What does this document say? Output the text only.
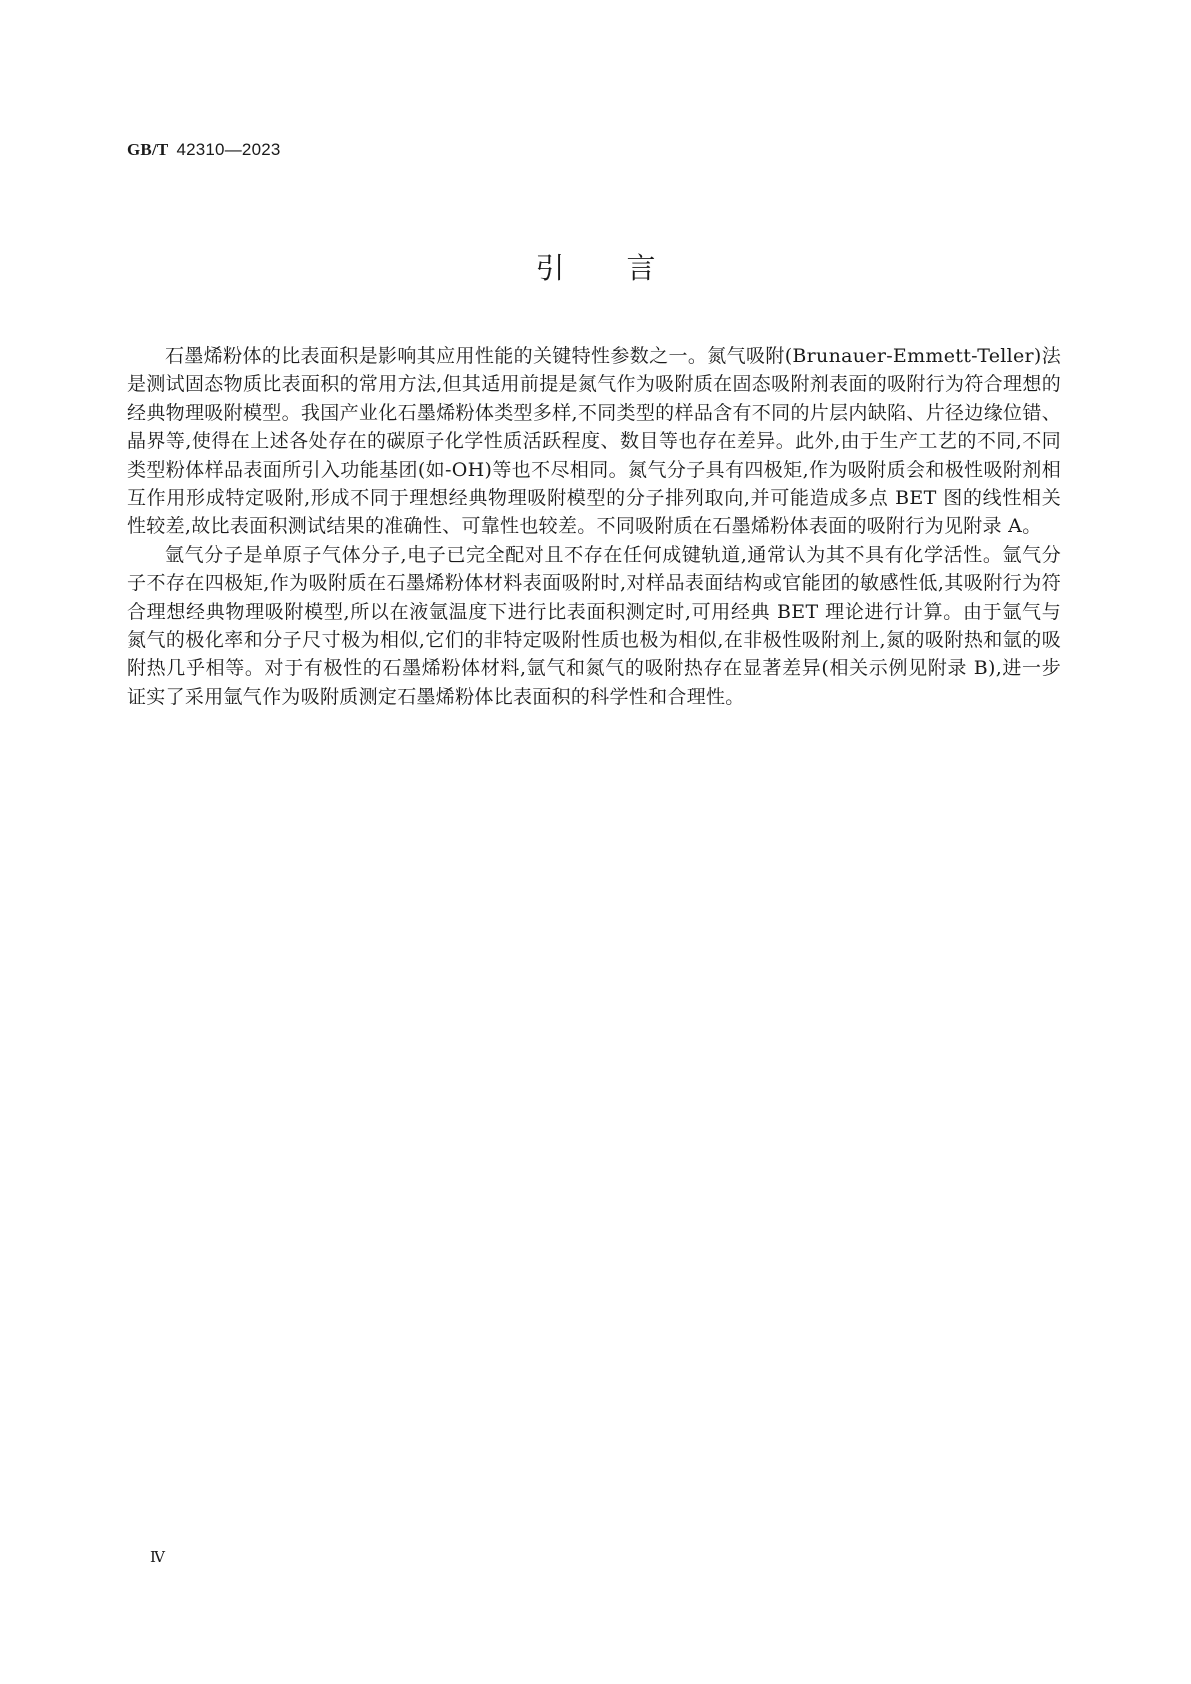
GB/T 42310—2023
引言

石墨烯粉体的比表面积是影响其应用性能的关键特性参数之一。氮气吸附(Brunauer-Emmett-Teller)法是测试固态物质比表面积的常用方法,但其适用前提是氮气作为吸附质在固态吸附剂表面的吸附行为符合理想的经典物理吸附模型。我国产业化石墨烯粉体类型多样,不同类型的样品含有不同的片层内缺陷、片径边缘位错、晶界等,使得在上述各处存在的碳原子化学性质活跃程度、数目等也存在差异。此外,由于生产工艺的不同,不同类型粉体样品表面所引入功能基团(如-OH)等也不尽相同。氮气分子具有四极矩,作为吸附质会和极性吸附剂相互作用形成特定吸附,形成不同于理想经典物理吸附模型的分子排列取向,并可能造成多点 BET 图的线性相关性较差,故比表面积测试结果的准确性、可靠性也较差。不同吸附质在石墨烯粉体表面的吸附行为见附录 A。

氩气分子是单原子气体分子,电子已完全配对且不存在任何成键轨道,通常认为其不具有化学活性。氩气分子不存在四极矩,作为吸附质在石墨烯粉体材料表面吸附时,对样品表面结构或官能团的敏感性低,其吸附行为符合理想经典物理吸附模型,所以在液氩温度下进行比表面积测定时,可用经典 BET 理论进行计算。由于氩气与氮气的极化率和分子尺寸极为相似,它们的非特定吸附性质也极为相似,在非极性吸附剂上,氮的吸附热和氩的吸附热几乎相等。对于有极性的石墨烯粉体材料,氩气和氮气的吸附热存在显著差异(相关示例见附录 B),进一步证实了采用氩气作为吸附质测定石墨烯粉体比表面积的科学性和合理性。

Ⅳ
